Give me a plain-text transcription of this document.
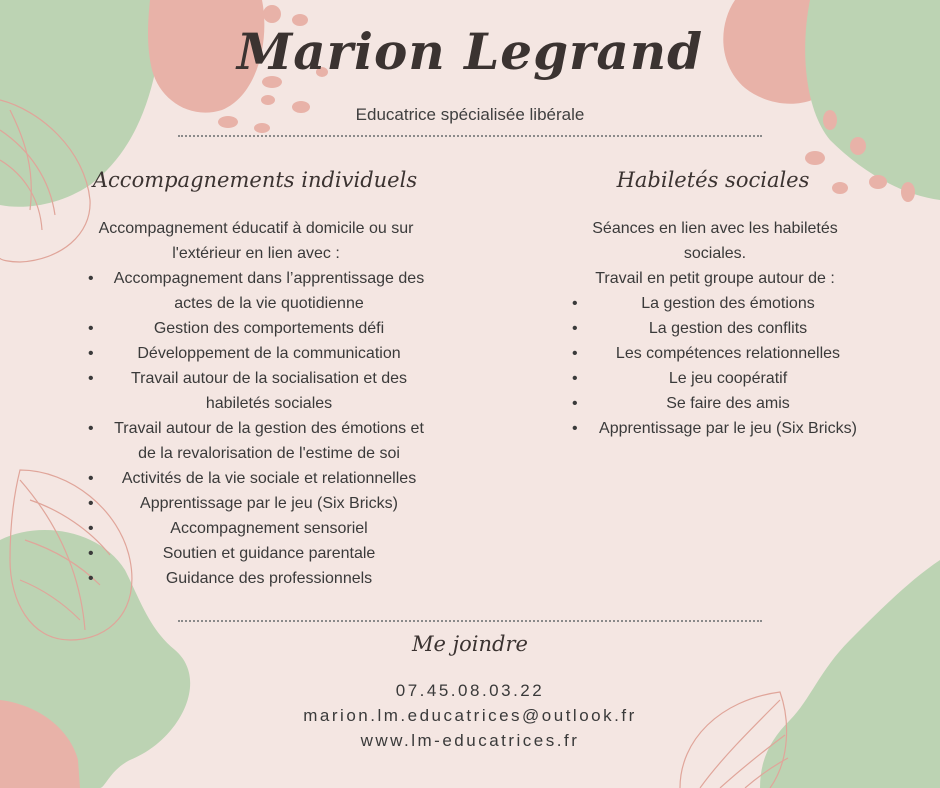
Marion Legrand
Educatrice spécialisée libérale
Accompagnements individuels

Accompagnement éducatif à domicile ou sur l'extérieur en lien avec :

• Accompagnement dans l’apprentissage des actes de la vie quotidienne
• Gestion des comportements défi
• Développement de la communication
• Travail autour de la socialisation et des habiletés sociales
• Travail autour de la gestion des émotions et de la revalorisation de l'estime de soi
• Activités de la vie sociale et relationnelles
• Apprentissage par le jeu (Six Bricks)
• Accompagnement sensoriel
• Soutien et guidance parentale
• Guidance des professionnels
Habiletés sociales

Séances en lien avec les habiletés sociales.

Travail en petit groupe autour de :

• La gestion des émotions
• La gestion des conflits
• Les compétences relationnelles
• Le jeu coopératif
• Se faire des amis
• Apprentissage par le jeu (Six Bricks)
Me joindre
07.45.08.03.22
marion.lm.educatrices@outlook.fr
www.lm-educatrices.fr
